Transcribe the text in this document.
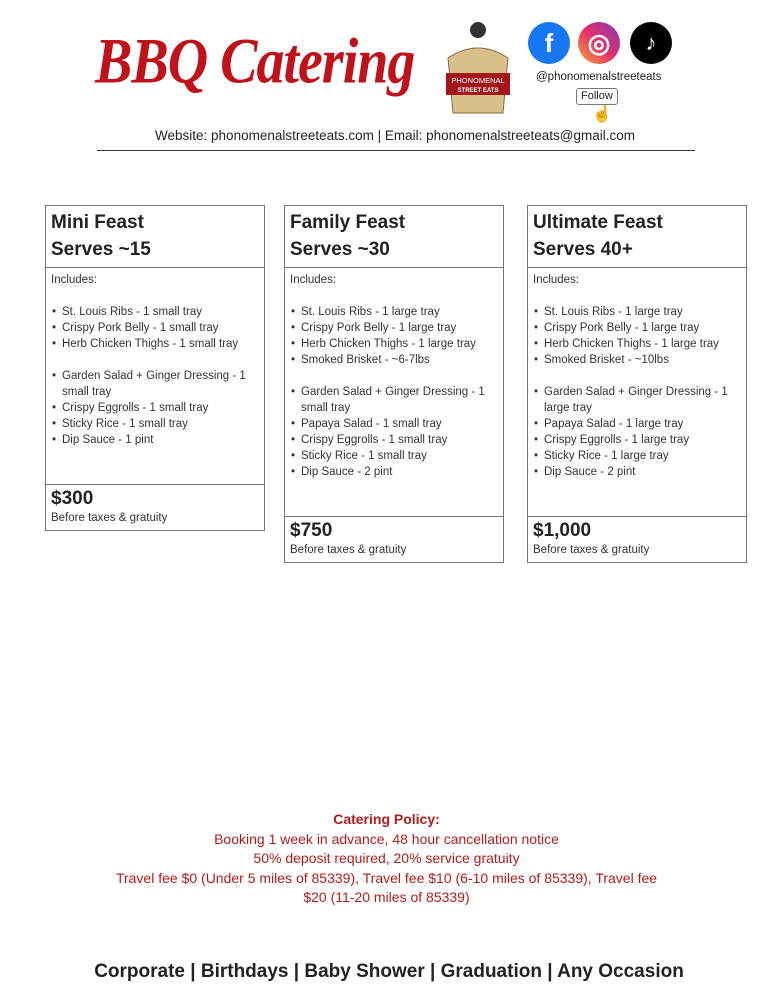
BBQ Catering	PHONOMENAL
STREET EATS
f	◎	♪
@phonomenalstreeteats
Follow
☝
Website: phonomenalstreeteats.com | Email: phonomenalstreeteats@gmail.com
Mini Feast
Serves ~15
Includes:
• St. Louis Ribs - 1 small tray
• Crispy Pork Belly - 1 small tray
• Herb Chicken Thighs - 1 small tray
• Garden Salad + Ginger Dressing - 1 small tray
• Crispy Eggrolls - 1 small tray
• Sticky Rice - 1 small tray
• Dip Sauce - 1 pint
$300
Before taxes & gratuity
Family Feast
Serves ~30
Includes:
• St. Louis Ribs - 1 large tray
• Crispy Pork Belly - 1 large tray
• Herb Chicken Thighs - 1 large tray
• Smoked Brisket - ~6-7lbs
• Garden Salad + Ginger Dressing - 1 small tray
• Papaya Salad - 1 small tray
• Crispy Eggrolls - 1 small tray
• Sticky Rice - 1 small tray
• Dip Sauce - 2 pint
$750
Before taxes & gratuity
Ultimate Feast
Serves 40+
Includes:
• St. Louis Ribs - 1 large tray
• Crispy Pork Belly - 1 large tray
• Herb Chicken Thighs - 1 large tray
• Smoked Brisket - ~10lbs
• Garden Salad + Ginger Dressing - 1 large tray
• Papaya Salad - 1 large tray
• Crispy Eggrolls - 1 large tray
• Sticky Rice - 1 large tray
• Dip Sauce - 2 pint
$1,000
Before taxes & gratuity
Catering Policy:
Booking 1 week in advance, 48 hour cancellation notice
50% deposit required, 20% service gratuity
Travel fee $0 (Under 5 miles of 85339), Travel fee $10 (6-10 miles of 85339), Travel fee $20 (11-20 miles of 85339)
Corporate | Birthdays | Baby Shower | Graduation | Any Occasion
